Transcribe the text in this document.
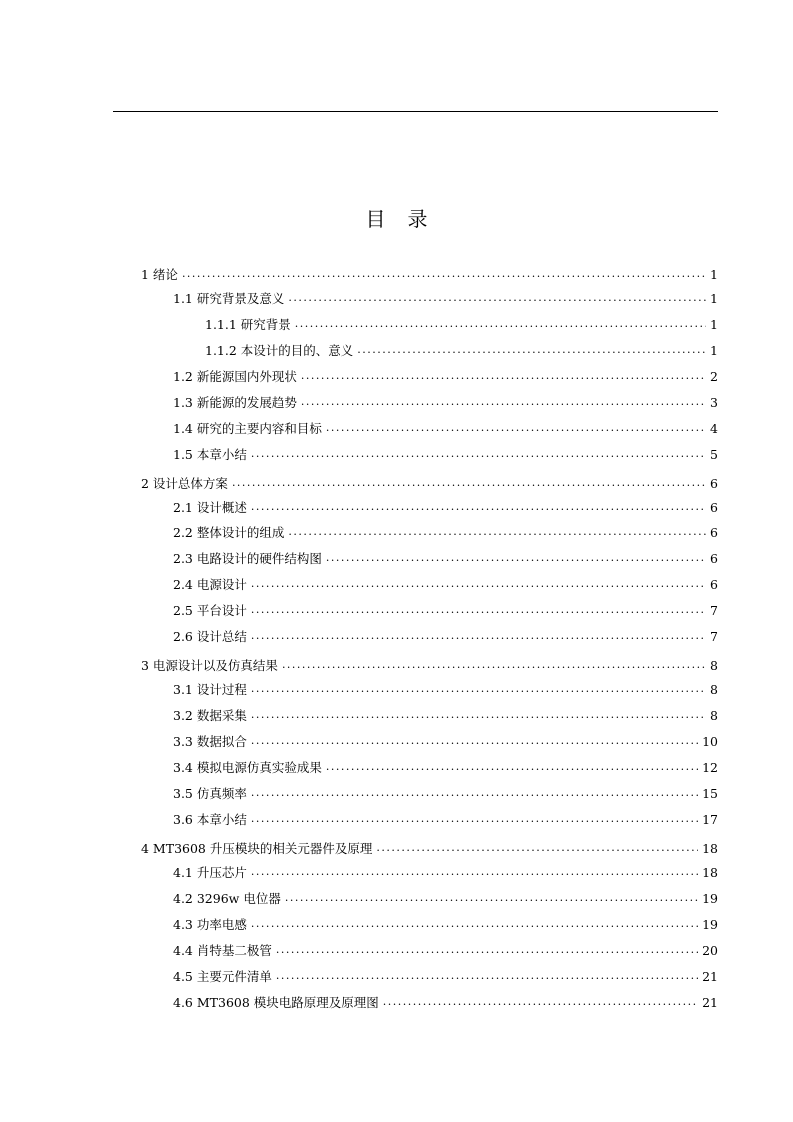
目 录
1 绪论 .....	1
1.1 研究背景及意义 .....	1
1.1.1 研究背景 .....	1
1.1.2 本设计的目的、意义 .....	1
1.2 新能源国内外现状 .....	2
1.3 新能源的发展趋势 .....	3
1.4 研究的主要内容和目标 .....	4
1.5 本章小结 .....	5
2 设计总体方案 .....	6
2.1 设计概述 .....	6
2.2 整体设计的组成 .....	6
2.3 电路设计的硬件结构图 .....	6
2.4 电源设计 .....	6
2.5 平台设计 .....	7
2.6 设计总结 .....	7
3 电源设计以及仿真结果 .....	8
3.1 设计过程 .....	8
3.2 数据采集 .....	8
3.3 数据拟合 .....	10
3.4 模拟电源仿真实验成果 .....	12
3.5 仿真频率 .....	15
3.6 本章小结 .....	17
4 MT3608 升压模块的相关元器件及原理 .....	18
4.1 升压芯片 .....	18
4.2 3296w 电位器 .....	19
4.3 功率电感 .....	19
4.4 肖特基二极管 .....	20
4.5 主要元件清单 .....	21
4.6 MT3608 模块电路原理及原理图 .....	21
